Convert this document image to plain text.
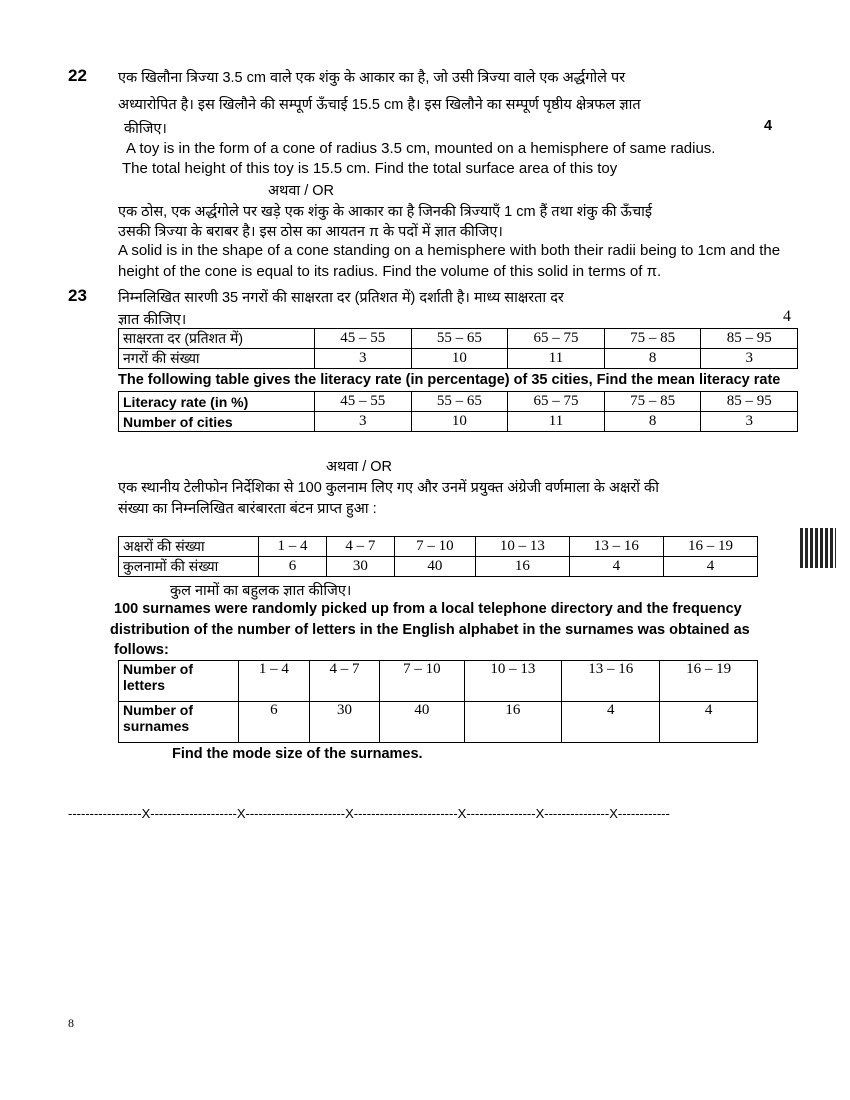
22 एक खिलौना त्रिज्या 3.5 cm वाले एक शंकु के आकार का है, जो उसी त्रिज्या वाले एक अर्द्धगोले पर
अध्यारोपित है। इस खिलौने की सम्पूर्ण ऊँचाई 15.5 cm है। इस खिलौने का सम्पूर्ण पृष्ठीय क्षेत्रफल ज्ञात
कीजिए।	4
A toy is in the form of a cone of radius 3.5 cm, mounted on a hemisphere of same radius.
The total height of this toy is 15.5 cm. Find the total surface area of this toy
अथवा / OR
एक ठोस, एक अर्द्धगोले पर खड़े एक शंकु के आकार का है जिनकी त्रिज्याएँ 1 cm हैं तथा शंकु की ऊँचाई
उसकी त्रिज्या के बराबर है। इस ठोस का आयतन π के पदों में ज्ञात कीजिए।
A solid is in the shape of a cone standing on a hemisphere with both their radii being to 1cm and the
height of the cone is equal to its radius. Find the volume of this solid in terms of π.
23 निम्नलिखित सारणी 35 नगरों की साक्षरता दर (प्रतिशत में) दर्शाती है। माध्य साक्षरता दर
ज्ञात कीजिए।	4
साक्षरता दर (प्रतिशत में)	45 – 55	55 – 65	65 – 75	75 – 85	85 – 95
नगरों की संख्या	3	10	11	8	3
The following table gives the literacy rate (in percentage) of 35 cities, Find the mean literacy rate
Literacy rate (in %)	45 – 55	55 – 65	65 – 75	75 – 85	85 – 95
Number of cities	3	10	11	8	3
अथवा / OR
एक स्थानीय टेलीफोन निर्देशिका से 100 कुलनाम लिए गए और उनमें प्रयुक्त अंग्रेजी वर्णमाला के अक्षरों की
संख्या का निम्नलिखित बारंबारता बंटन प्राप्त हुआ :
अक्षरों की संख्या	1 – 4	4 – 7	7 – 10	10 – 13	13 – 16	16 – 19
कुलनामों की संख्या	6	30	40	16	4	4
कुल नामों का बहुलक ज्ञात कीजिए।
100 surnames were randomly picked up from a local telephone directory and the frequency
distribution of the number of letters in the English alphabet in the surnames was obtained as
follows:
Number of letters	1 – 4	4 – 7	7 – 10	10 – 13	13 – 16	16 – 19
Number of surnames	6	30	40	16	4	4
Find the mode size of the surnames.
-----------------X--------------------X-----------------------X------------------------X----------------X---------------X------------
8
